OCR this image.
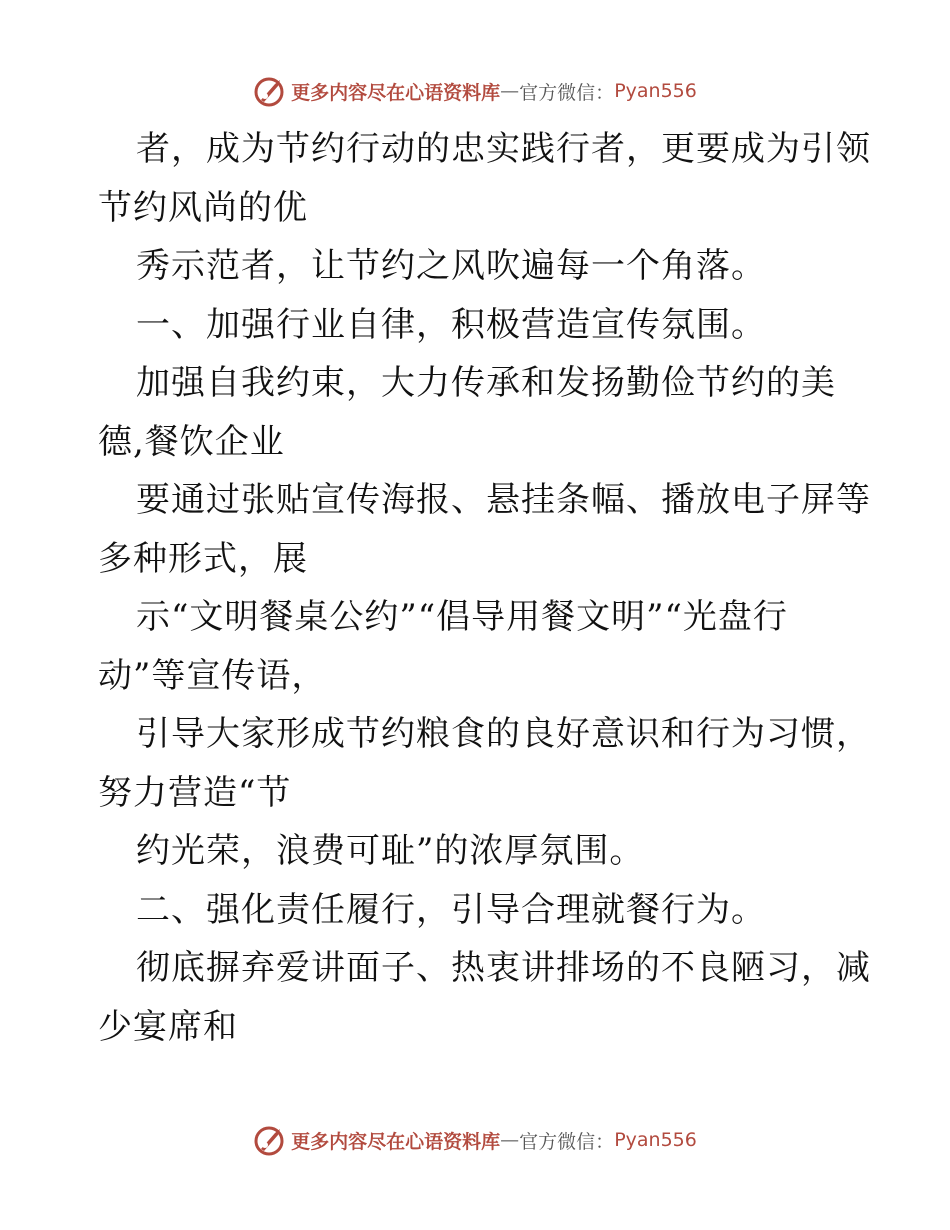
更多内容尽在心语资料库 — 官方微信： Pyan556
者，成为节约行动的忠实践行者，更要成为引领
节约风尚的优
秀示范者，让节约之风吹遍每一个角落。
一、加强行业自律，积极营造宣传氛围。
加强自我约束，大力传承和发扬勤俭节约的美
德,餐饮企业
要通过张贴宣传海报、悬挂条幅、播放电子屏等
多种形式，展
示“文明餐桌公约”“倡导用餐文明”“光盘行
动”等宣传语，
引导大家形成节约粮食的良好意识和行为习惯，
努力营造“节
约光荣，浪费可耻”的浓厚氛围。
二、强化责任履行，引导合理就餐行为。
彻底摒弃爱讲面子、热衷讲排场的不良陋习，减
少宴席和
更多内容尽在心语资料库 — 官方微信： Pyan556
